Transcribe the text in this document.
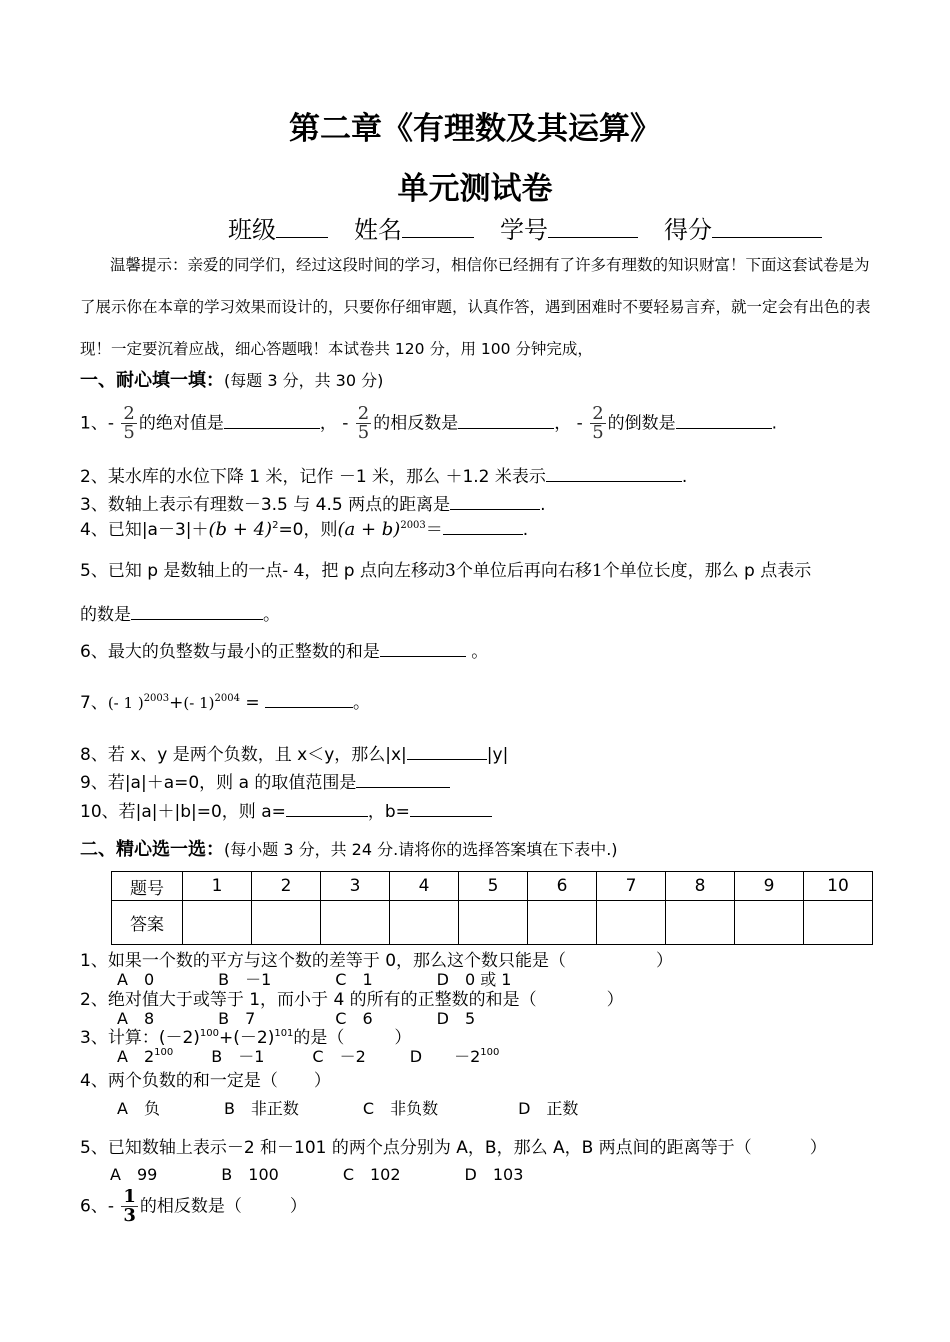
第二章《有理数及其运算》
单元测试卷
班级	姓名	学号	得分
温馨提示：亲爱的同学们，经过这段时间的学习，相信你已经拥有了许多有理数的知识财富！下面这套试卷是为了展示你在本章的学习效果而设计的，只要你仔细审题，认真作答，遇到困难时不要轻易言弃，就一定会有出色的表现！一定要沉着应战，细心答题哦！本试卷共 120 分，用 100 分钟完成，
一、耐心填一填：(每题 3 分，共 30 分)
1、- $\frac{2}{5}$ 的绝对值是	， - $\frac{2}{5}$ 的相反数是	， - $\frac{2}{5}$ 的倒数是	.
2、某水库的水位下降 1 米，记作 －1 米，那么 ＋1.2 米表示	.
3、数轴上表示有理数－3.5 与 4.5 两点的距离是	.
4、已知$|a-3|+(b + 4)^2=0$，则$(a + b)^{2003}=$	.
5、已知 p 是数轴上的一点- 4，把 p 点向左移动3个单位后再向右移1个单位长度，那么 p 点表示
的数是	。
6、最大的负整数与最小的正整数的和是	。
7、(- 1 )$^{2003}$+(- 1)$^{2004}$ =	。
8、若 x、y 是两个负数，且 x＜y，那么|x|	|y|
9、若|a|＋a=0，则 a 的取值范围是
10、若|a|＋|b|=0，则 a=	，b=
二、精心选一选：(每小题 3 分，共 24 分.请将你的选择答案填在下表中.)
题号	1	2	3	4	5	6	7	8	9	10
答案										
1、如果一个数的平方与这个数的差等于 0，那么这个数只能是（	）
A　0　　　　B　－1　　　　C　1　　　　D　0 或 1
2、绝对值大于或等于 1，而小于 4 的所有的正整数的和是（	）
A　8　　　　B　7　　　　　C　6　　　　D　5
3、计算：$(-2)^{100}+(-2)^{101}$的是（	）
A　$2^{100}$ B　－1	C　－2	D　　$-2^{100}$
4、两个负数的和一定是（ ）
A　负　　　　B　非正数　　　　C　非负数　　　　　D　正数
5、已知数轴上表示－2 和－101 的两个点分别为 A，B，那么 A，B 两点间的距离等于（	）
A　99　　　　B　100　　　　C　102　　　　D　103
6、- $\frac{1}{3}$ 的相反数是（	）
